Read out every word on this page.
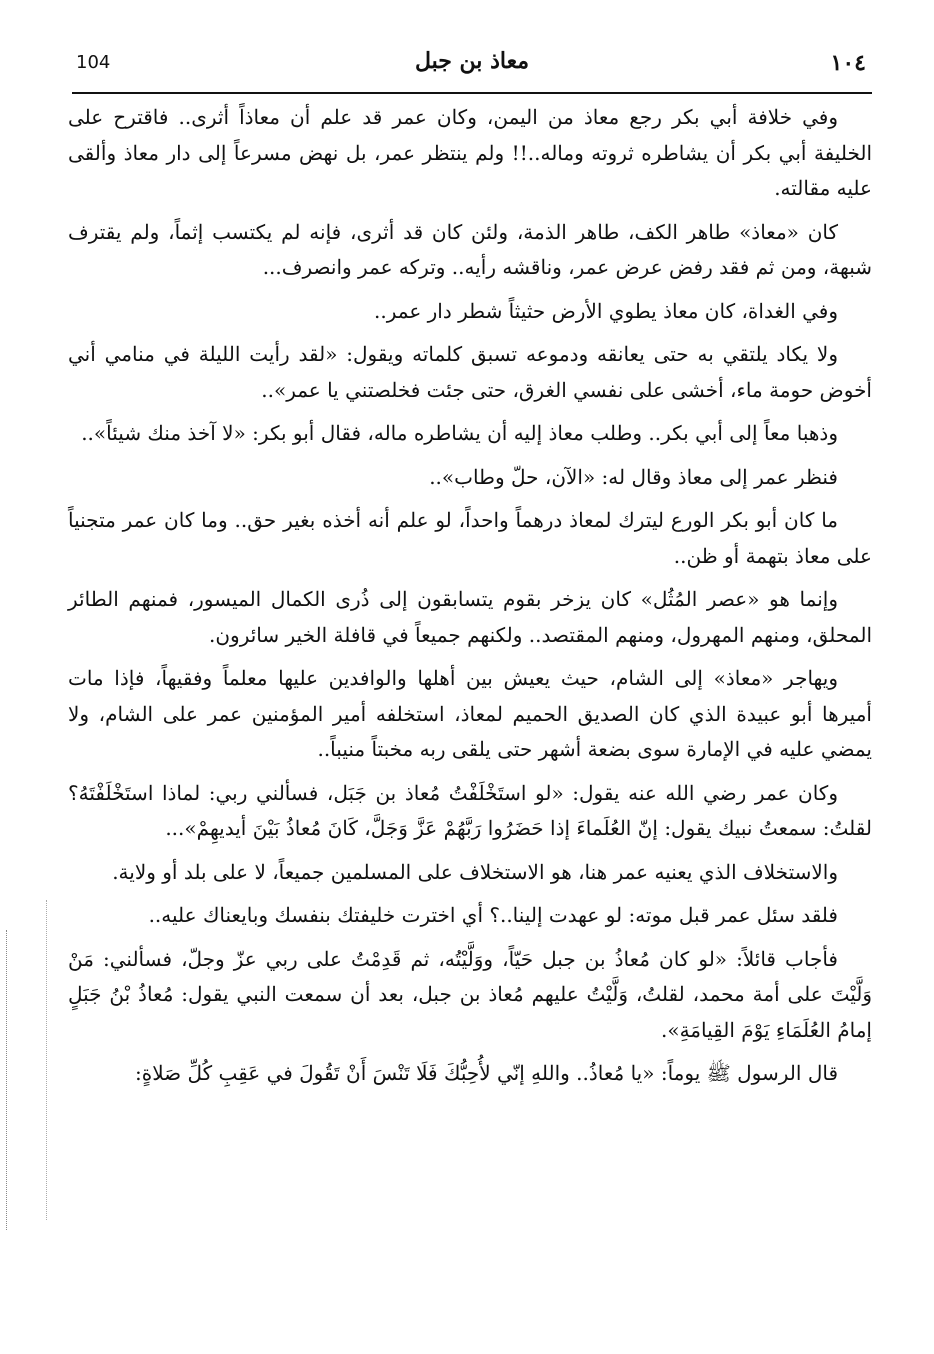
104	معاذ بن جبل	١٠٤

وفي خلافة أبي بكر رجع معاذ من اليمن، وكان عمر قد علم أن معاذاً أثرى.. فاقترح على الخليفة أبي بكر أن يشاطره ثروته وماله..!! ولم ينتظر عمر، بل نهض مسرعاً إلى دار معاذ وألقى عليه مقالته.

كان «معاذ» طاهر الكف، طاهر الذمة، ولئن كان قد أثرى، فإنه لم يكتسب إثماً، ولم يقترف شبهة، ومن ثم فقد رفض عرض عمر، وناقشه رأيه.. وتركه عمر وانصرف...

وفي الغداة، كان معاذ يطوي الأرض حثيثاً شطر دار عمر..

ولا يكاد يلتقي به حتى يعانقه ودموعه تسبق كلماته ويقول: «لقد رأيت الليلة في منامي أني أخوض حومة ماء، أخشى على نفسي الغرق، حتى جئت فخلصتني يا عمر»..

وذهبا معاً إلى أبي بكر.. وطلب معاذ إليه أن يشاطره ماله، فقال أبو بكر: «لا آخذ منك شيئاً»..

فنظر عمر إلى معاذ وقال له: «الآن، حلّ وطاب»..

ما كان أبو بكر الورع ليترك لمعاذ درهماً واحداً، لو علم أنه أخذه بغير حق.. وما كان عمر متجنياً على معاذ بتهمة أو ظن..

وإنما هو «عصر المُثُل» كان يزخر بقوم يتسابقون إلى ذُرى الكمال الميسور، فمنهم الطائر المحلق، ومنهم المهرول، ومنهم المقتصد.. ولكنهم جميعاً في قافلة الخير سائرون.

ويهاجر «معاذ» إلى الشام، حيث يعيش بين أهلها والوافدين عليها معلماً وفقيهاً، فإذا مات أميرها أبو عبيدة الذي كان الصديق الحميم لمعاذ، استخلفه أمير المؤمنين عمر على الشام، ولا يمضي عليه في الإمارة سوى بضعة أشهر حتى يلقى ربه مخبتاً منيباً..

وكان عمر رضي الله عنه يقول: «لو استَخْلَفْتُ مُعاذ بن جَبَل، فسألني ربي: لماذا استَخْلَفْتَهُ؟ لقلتُ: سمعتُ نبيك يقول: إنّ العُلَماءَ إذا حَضَرُوا رَبَّهُمْ عَزَّ وَجَلَّ، كَانَ مُعاذُ بَيْنَ أيديهِمْ»...

والاستخلاف الذي يعنيه عمر هنا، هو الاستخلاف على المسلمين جميعاً، لا على بلد أو ولاية.

فلقد سئل عمر قبل موته: لو عهدت إلينا..؟ أي اخترت خليفتك بنفسك وبايعناك عليه..

فأجاب قائلاً: «لو كان مُعاذُ بن جبل حَيّاً، ووَلَّيْتُه، ثم قَدِمْتُ على ربي عزّ وجلّ، فسألني: مَنْ وَلَّيْتَ على أمة محمد، لقلتُ، وَلَّيْتُ عليهم مُعاذ بن جبل، بعد أن سمعت النبي يقول: مُعاذُ بْنُ جَبَلٍ إمامُ العُلَمَاءِ يَوْمَ القِيامَةِ».

قال الرسول ﷺ يوماً: «يا مُعاذُ.. واللهِ إنّي لأُحِبُّكَ فَلَا تَنْسَ أَنْ تَقُولَ في عَقِبِ كُلِّ صَلاةٍ:
